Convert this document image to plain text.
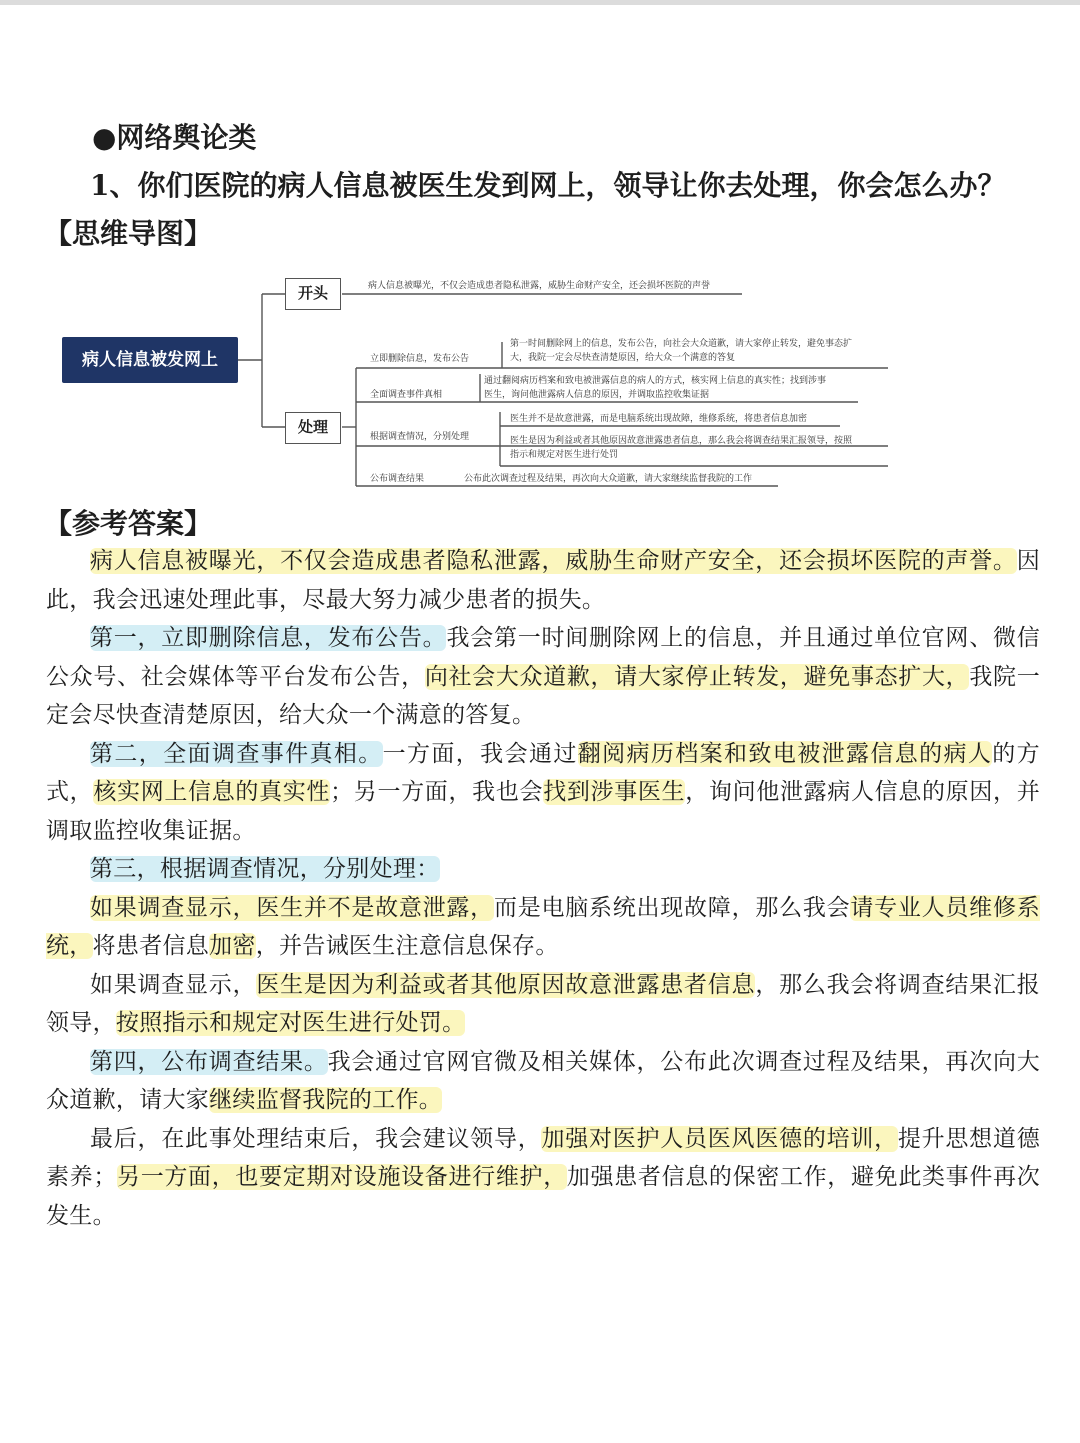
●网络舆论类
1、你们医院的病人信息被医生发到网上，领导让你去处理，你会怎么办？
【思维导图】
病人信息被发网上
开头
处理
病人信息被曝光，不仅会造成患者隐私泄露，威胁生命财产安全，还会损坏医院的声誉
立即删除信息，发布公告
第一时间删除网上的信息，发布公告，向社会大众道歉，请大家停止转发，避免事态扩
大，我院一定会尽快查清楚原因，给大众一个满意的答复
全面调查事件真相
通过翻阅病历档案和致电被泄露信息的病人的方式，核实网上信息的真实性；找到涉事
医生，询问他泄露病人信息的原因，并调取监控收集证据
根据调查情况，分别处理
医生并不是故意泄露，而是电脑系统出现故障，维修系统，将患者信息加密
医生是因为利益或者其他原因故意泄露患者信息，那么我会将调查结果汇报领导，按照
指示和规定对医生进行处罚
公布调查结果	公布此次调查过程及结果，再次向大众道歉，请大家继续监督我院的工作
【参考答案】

病人信息被曝光，不仅会造成患者隐私泄露，威胁生命财产安全，还会损坏医院的声誉。因此，我会迅速处理此事，尽最大努力减少患者的损失。

第一，立即删除信息，发布公告。我会第一时间删除网上的信息，并且通过单位官网、微信公众号、社会媒体等平台发布公告，向社会大众道歉，请大家停止转发，避免事态扩大，我院一定会尽快查清楚原因，给大众一个满意的答复。

第二，全面调查事件真相。一方面，我会通过翻阅病历档案和致电被泄露信息的病人的方式，核实网上信息的真实性；另一方面，我也会找到涉事医生，询问他泄露病人信息的原因，并调取监控收集证据。

第三，根据调查情况，分别处理：

如果调查显示，医生并不是故意泄露，而是电脑系统出现故障，那么我会请专业人员维修系统，将患者信息加密，并告诫医生注意信息保存。

如果调查显示，医生是因为利益或者其他原因故意泄露患者信息，那么我会将调查结果汇报领导，按照指示和规定对医生进行处罚。

第四，公布调查结果。我会通过官网官微及相关媒体，公布此次调查过程及结果，再次向大众道歉，请大家继续监督我院的工作。

最后，在此事处理结束后，我会建议领导，加强对医护人员医风医德的培训，提升思想道德素养；另一方面，也要定期对设施设备进行维护，加强患者信息的保密工作，避免此类事件再次发生。
